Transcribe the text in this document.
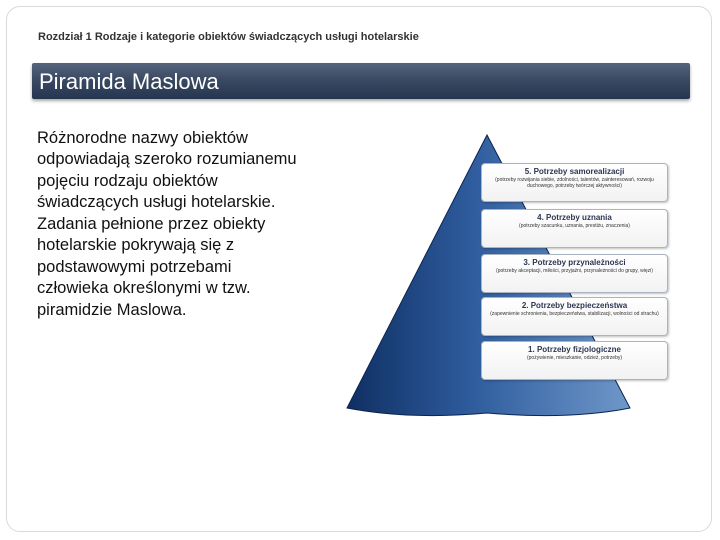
Rozdział 1 Rodzaje i kategorie obiektów świadczących usługi hotelarskie
Piramida Maslowa

Różnorodne nazwy obiektów odpowiadają szeroko rozumianemu pojęciu rodzaju obiektów świadczących usługi hotelarskie.

Zadania pełnione przez obiekty hotelarskie pokrywają się z podstawowymi potrzebami człowieka określonymi w tzw. piramidzie Maslowa.

5. Potrzeby samorealizacji
(potrzeby rozwijania siebie, zdolności, talentów, zainteresowań, rozwoju duchowego, potrzeby twórczej aktywności)
4. Potrzeby uznania
(potrzeby szacunku, uznania, prestiżu, znaczenia)
3. Potrzeby przynależności
(potrzeby akceptacji, miłości, przyjaźni, przynależności do grupy, więzi)
2. Potrzeby bezpieczeństwa
(zapewnienie schronienia, bezpieczeństwa, stabilizacji, wolności od strachu)
1. Potrzeby fizjologiczne
(pożywienie, mieszkanie, odzież, potrzeby)
